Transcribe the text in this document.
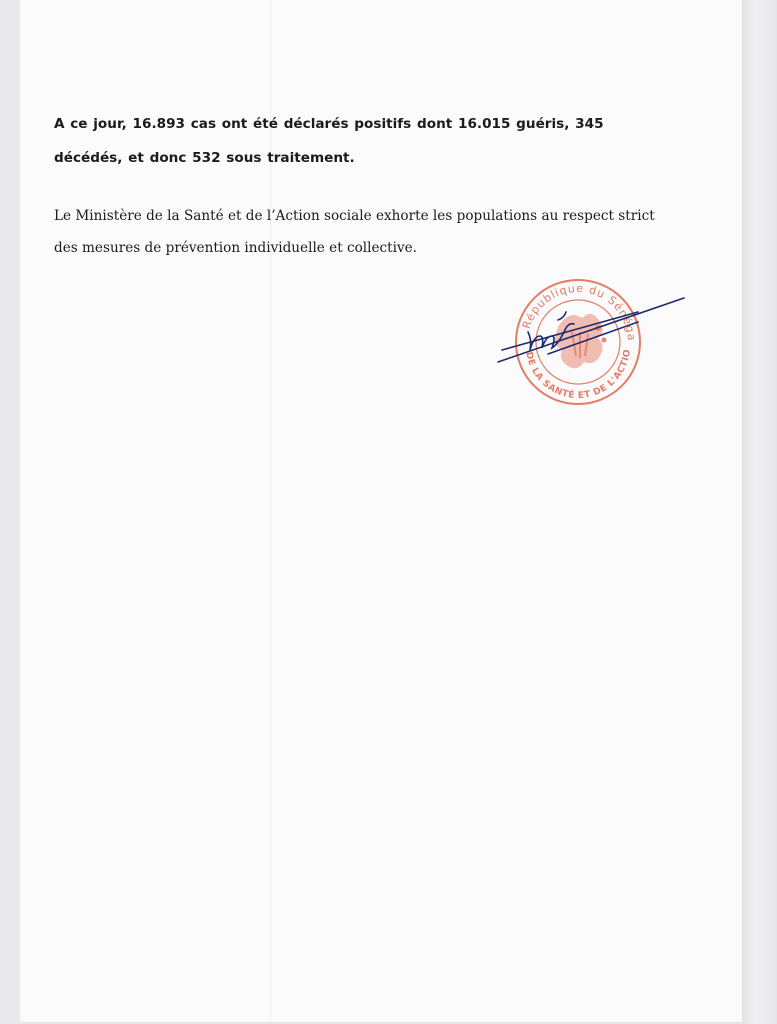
A ce jour, 16.893 cas ont été déclarés positifs dont 16.015 guéris, 345 décédés, et donc 532 sous traitement.

Le Ministère de la Santé et de l’Action sociale exhorte les populations au respect strict des mesures de prévention individuelle et collective.

République du Sénéga
DE LA SANTÉ ET DE L'ACTIO
